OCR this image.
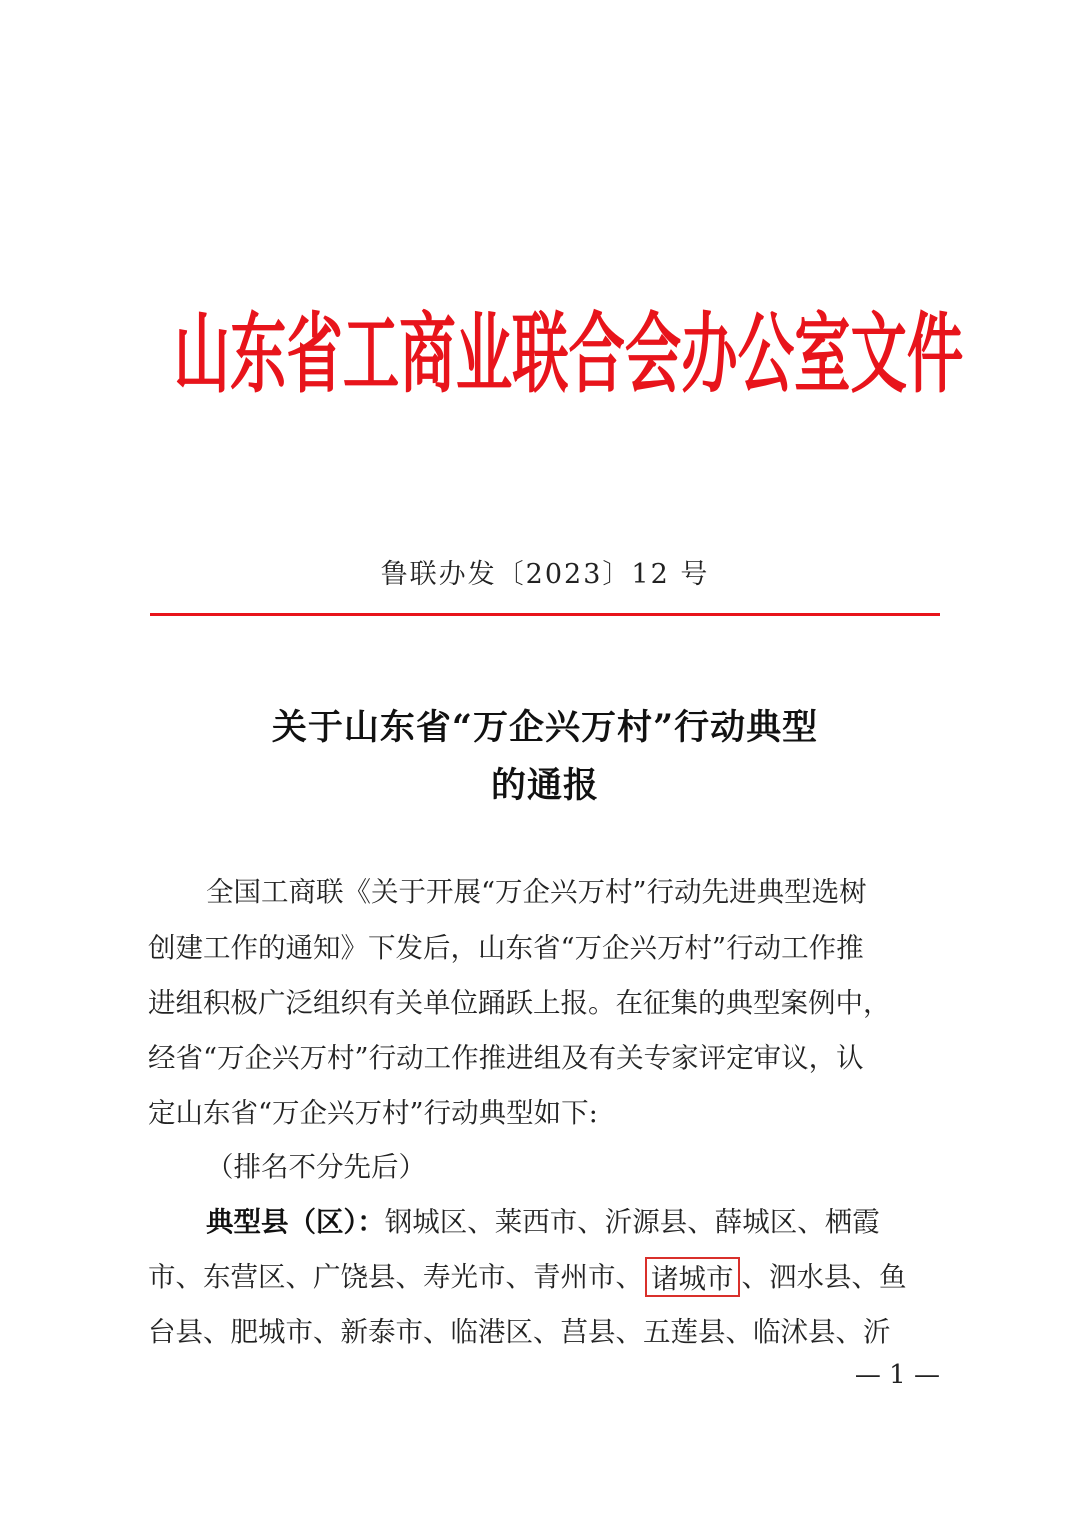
山东省工商业联合会办公室文件
鲁联办发〔2023〕12 号
关于山东省“万企兴万村”行动典型
的通报
全国工商联《关于开展“万企兴万村”行动先进典型选树
创建工作的通知》下发后，山东省“万企兴万村”行动工作推
进组积极广泛组织有关单位踊跃上报。在征集的典型案例中，
经省“万企兴万村”行动工作推进组及有关专家评定审议，认
定山东省“万企兴万村”行动典型如下:
（排名不分先后）
典型县（区）： 钢城区、莱西市、沂源县、薛城区、栖霞
市、东营区、广饶县、寿光市、青州市、 诸城市 、泗水县、鱼
台县、肥城市、新泰市、临港区、莒县、五莲县、临沭县、沂
— 1 —
